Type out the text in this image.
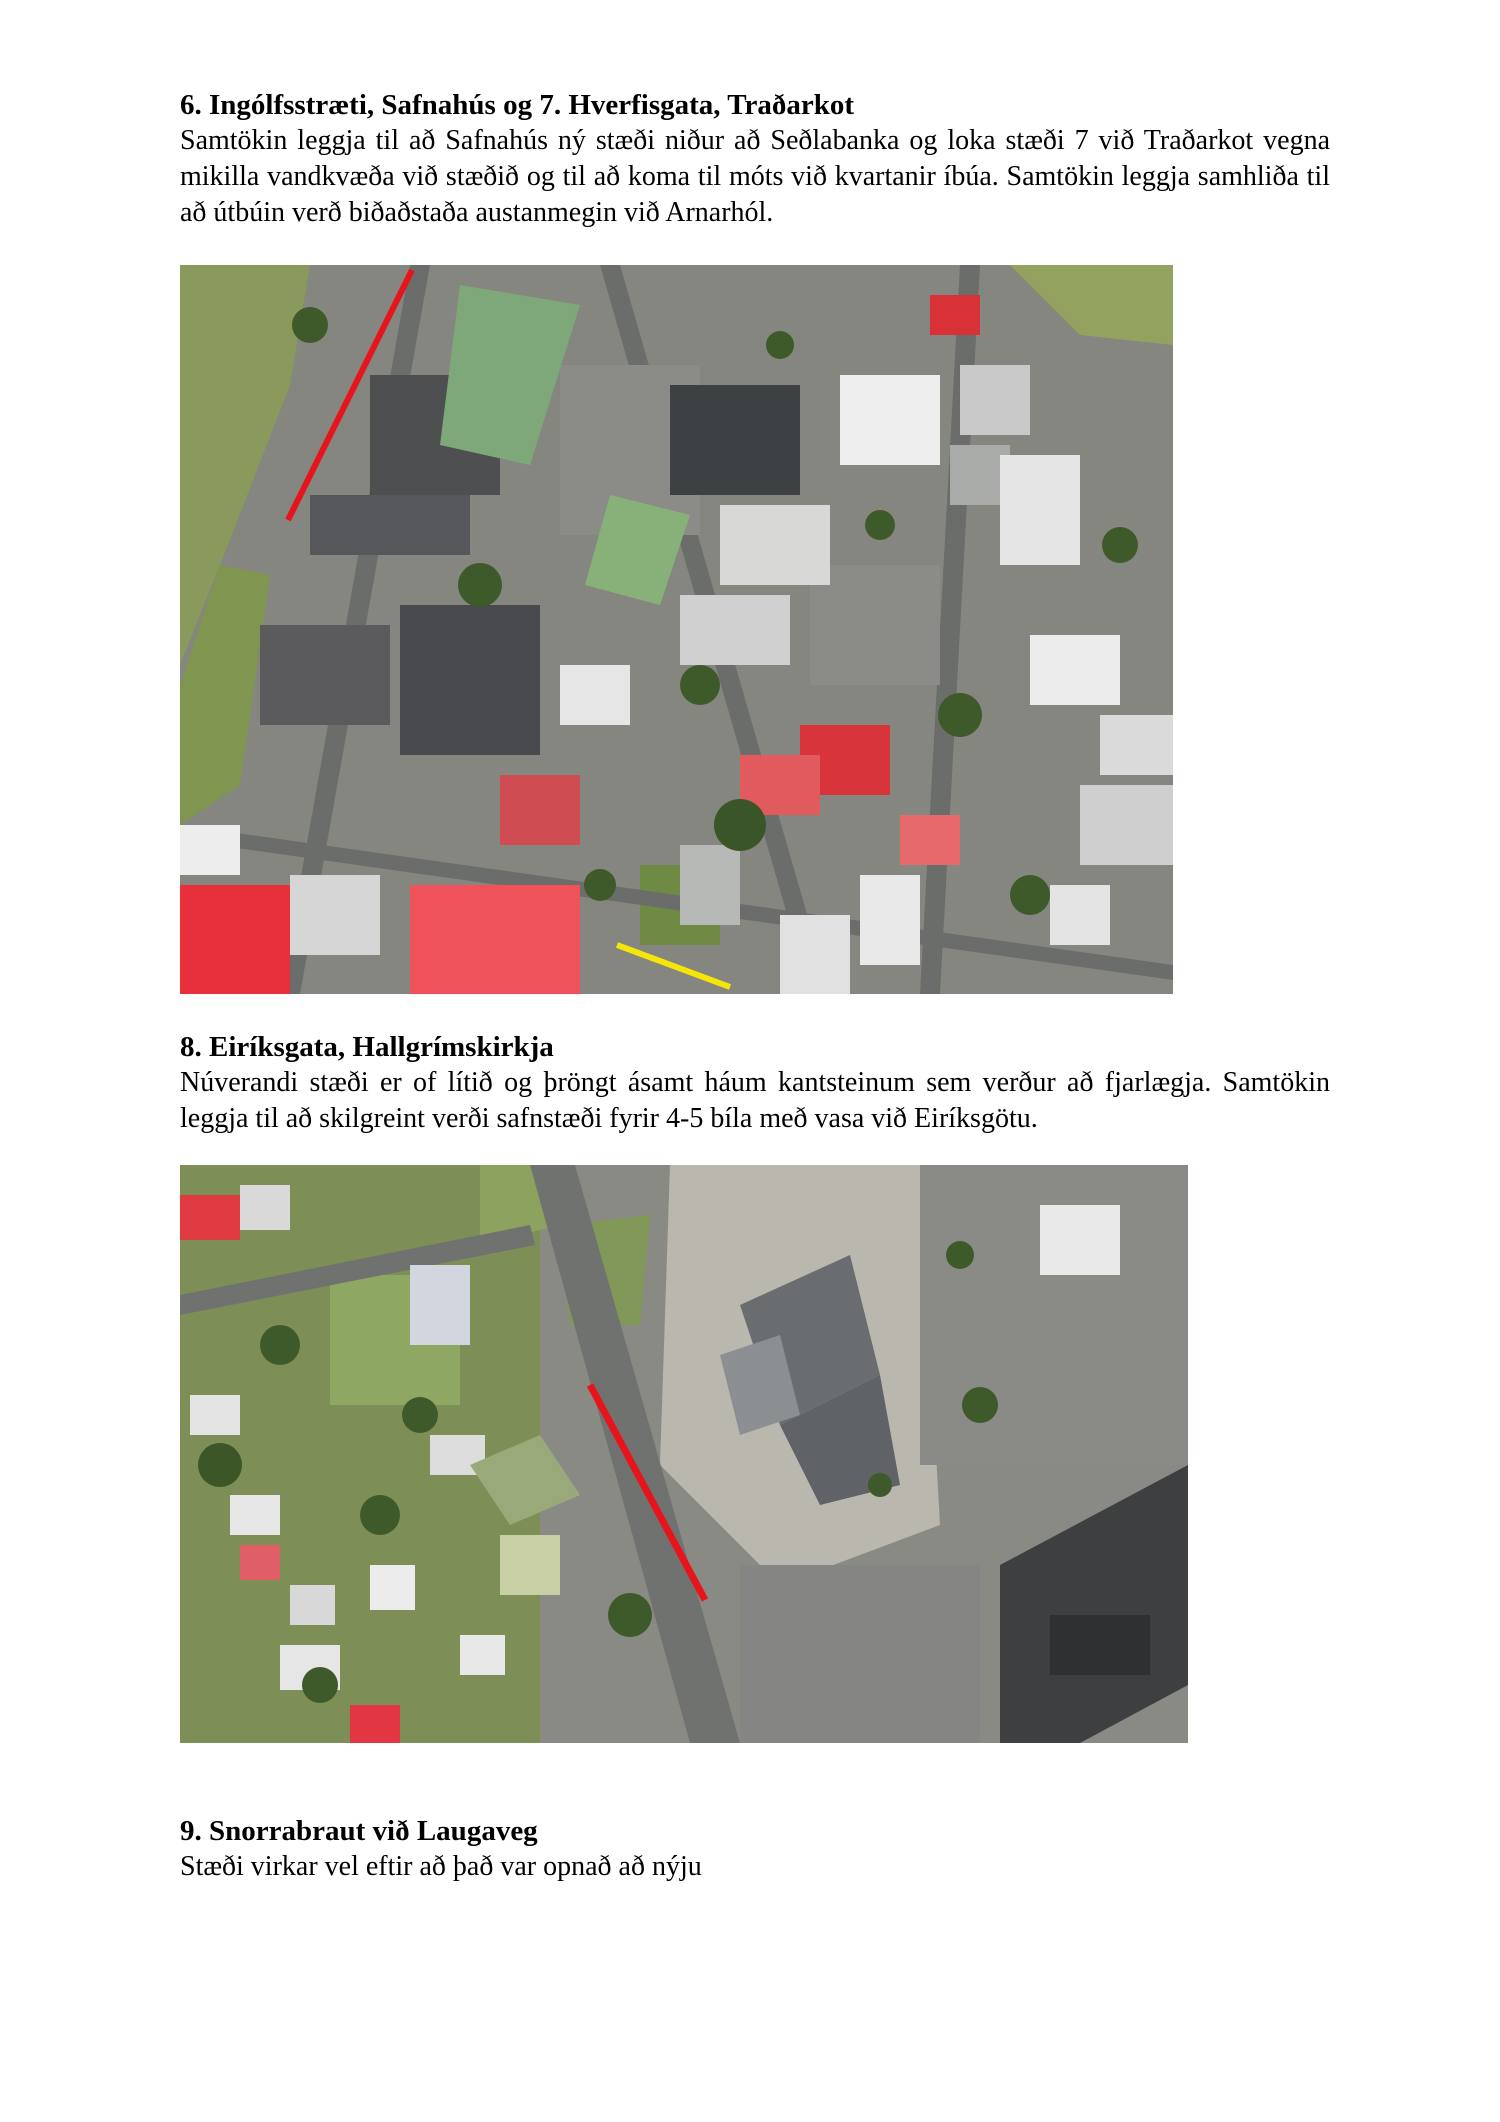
6. Ingólfsstræti, Safnahús og 7. Hverfisgata, Traðarkot

Samtökin leggja til að Safnahús ný stæði niður að Seðlabanka og loka stæði 7 við Traðarkot vegna mikilla vandkvæða við stæðið og til að koma til móts við kvartanir íbúa. Samtökin leggja samhliða til að útbúin verð biðaðstaða austanmegin við Arnarhól.

8. Eiríksgata, Hallgrímskirkja

Núverandi stæði er of lítið og þröngt ásamt háum kantsteinum sem verður að fjarlægja. Samtökin leggja til að skilgreint verði safnstæði fyrir 4-5 bíla með vasa við Eiríksgötu.

9. Snorrabraut við Laugaveg

Stæði virkar vel eftir að það var opnað að nýju
